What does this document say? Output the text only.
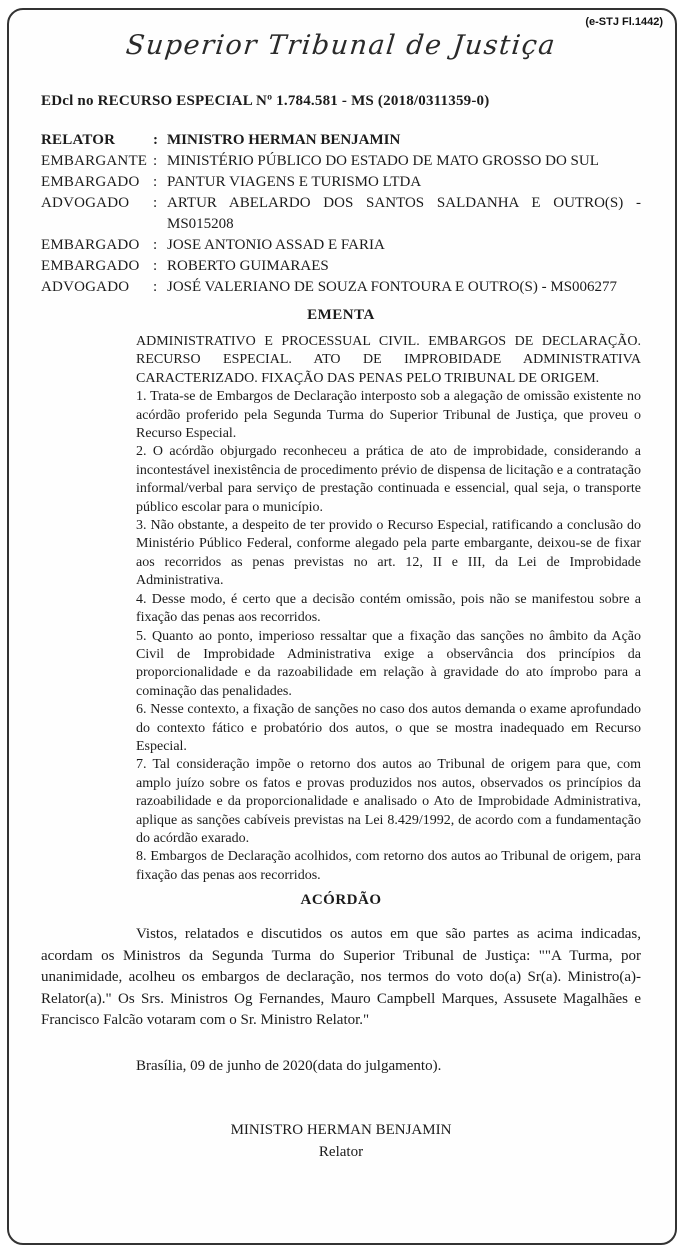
(e-STJ Fl.1442)
Superior Tribunal de Justiça
EDcl no RECURSO ESPECIAL Nº 1.784.581 - MS (2018/0311359-0)
RELATOR	: MINISTRO HERMAN BENJAMIN
EMBARGANTE : MINISTÉRIO PÚBLICO DO ESTADO DE MATO GROSSO DO SUL
EMBARGADO : PANTUR VIAGENS E TURISMO LTDA
ADVOGADO	: ARTUR ABELARDO DOS SANTOS SALDANHA E OUTRO(S) - MS015208
EMBARGADO : JOSE ANTONIO ASSAD E FARIA
EMBARGADO : ROBERTO GUIMARAES
ADVOGADO	: JOSÉ VALERIANO DE SOUZA FONTOURA E OUTRO(S) - MS006277
EMENTA

ADMINISTRATIVO E PROCESSUAL CIVIL. EMBARGOS DE DECLARAÇÃO. RECURSO ESPECIAL. ATO DE IMPROBIDADE ADMINISTRATIVA CARACTERIZADO. FIXAÇÃO DAS PENAS PELO TRIBUNAL DE ORIGEM.

1. Trata-se de Embargos de Declaração interposto sob a alegação de omissão existente no acórdão proferido pela Segunda Turma do Superior Tribunal de Justiça, que proveu o Recurso Especial.

2. O acórdão objurgado reconheceu a prática de ato de improbidade, considerando a incontestável inexistência de procedimento prévio de dispensa de licitação e a contratação informal/verbal para serviço de prestação continuada e essencial, qual seja, o transporte público escolar para o município.

3. Não obstante, a despeito de ter provido o Recurso Especial, ratificando a conclusão do Ministério Público Federal, conforme alegado pela parte embargante, deixou-se de fixar aos recorridos as penas previstas no art. 12, II e III, da Lei de Improbidade Administrativa.

4. Desse modo, é certo que a decisão contém omissão, pois não se manifestou sobre a fixação das penas aos recorridos.

5. Quanto ao ponto, imperioso ressaltar que a fixação das sanções no âmbito da Ação Civil de Improbidade Administrativa exige a observância dos princípios da proporcionalidade e da razoabilidade em relação à gravidade do ato ímprobo para a cominação das penalidades.

6. Nesse contexto, a fixação de sanções no caso dos autos demanda o exame aprofundado do contexto fático e probatório dos autos, o que se mostra inadequado em Recurso Especial.

7. Tal consideração impõe o retorno dos autos ao Tribunal de origem para que, com amplo juízo sobre os fatos e provas produzidos nos autos, observados os princípios da razoabilidade e da proporcionalidade e analisado o Ato de Improbidade Administrativa, aplique as sanções cabíveis previstas na Lei 8.429/1992, de acordo com a fundamentação do acórdão exarado.

8. Embargos de Declaração acolhidos, com retorno dos autos ao Tribunal de origem, para fixação das penas aos recorridos.

ACÓRDÃO

Vistos, relatados e discutidos os autos em que são partes as acima indicadas, acordam os Ministros da Segunda Turma do Superior Tribunal de Justiça: ""A Turma, por unanimidade, acolheu os embargos de declaração, nos termos do voto do(a) Sr(a). Ministro(a)-Relator(a)." Os Srs. Ministros Og Fernandes, Mauro Campbell Marques, Assusete Magalhães e Francisco Falcão votaram com o Sr. Ministro Relator."

Brasília, 09 de junho de 2020(data do julgamento).
MINISTRO HERMAN BENJAMIN
Relator
